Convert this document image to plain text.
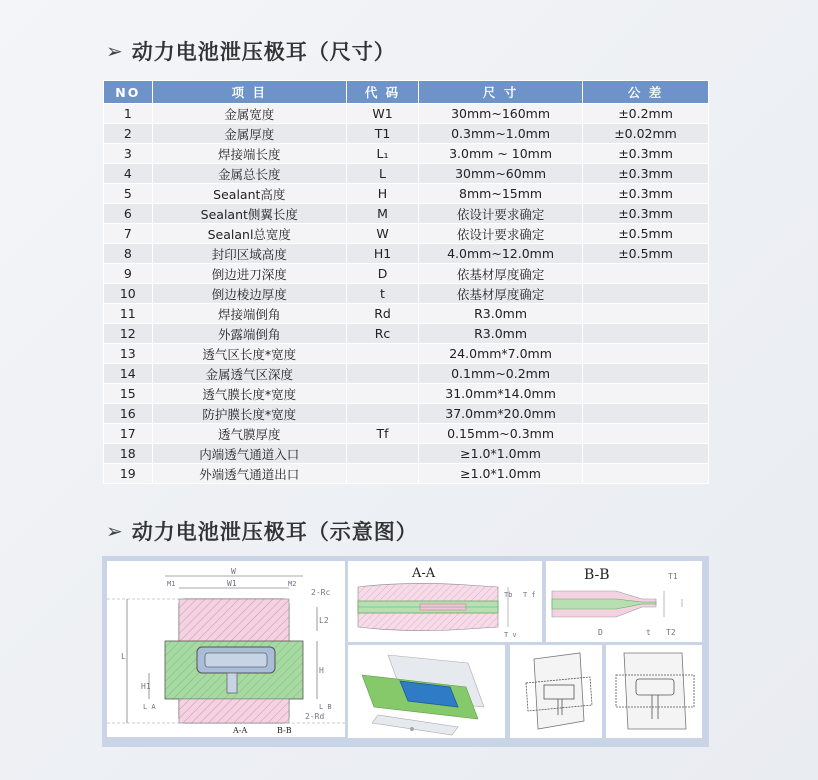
➢ 动力电池泄压极耳（尺寸）
NO	项 目	代 码	尺 寸	公 差
1	金属宽度	W1	30mm~160mm	±0.2mm
2	金属厚度	T1	0.3mm~1.0mm	±0.02mm
3	焊接端长度	L₁	3.0mm ~ 10mm	±0.3mm
4	金属总长度	L	30mm~60mm	±0.3mm
5	Sealant高度	H	8mm~15mm	±0.3mm
6	Sealant侧翼长度	M	依设计要求确定	±0.3mm
7	Sealanl总宽度	W	依设计要求确定	±0.5mm
8	封印区域高度	H1	4.0mm~12.0mm	±0.5mm
9	倒边进刀深度	D	依基材厚度确定	
10	倒边棱边厚度	t	依基材厚度确定	
11	焊接端倒角	Rd	R3.0mm	
12	外露端倒角	Rc	R3.0mm	
13	透气区长度*宽度		24.0mm*7.0mm	
14	金属透气区深度		0.1mm~0.2mm	
15	透气膜长度*宽度		31.0mm*14.0mm	
16	防护膜长度*宽度		37.0mm*20.0mm	
17	透气膜厚度	Tf	0.15mm~0.3mm	
18	内端透气通道入口		≥1.0*1.0mm	
19	外端透气通道出口		≥1.0*1.0mm	
➢ 动力电池泄压极耳（示意图）
W
W1
M1	M2
2-Rc
L
L2
H
H1
L A	L B
2-Rd
A-A	B-B
A-A
Tb T f
T v
B-B	T1
T2
D	t
